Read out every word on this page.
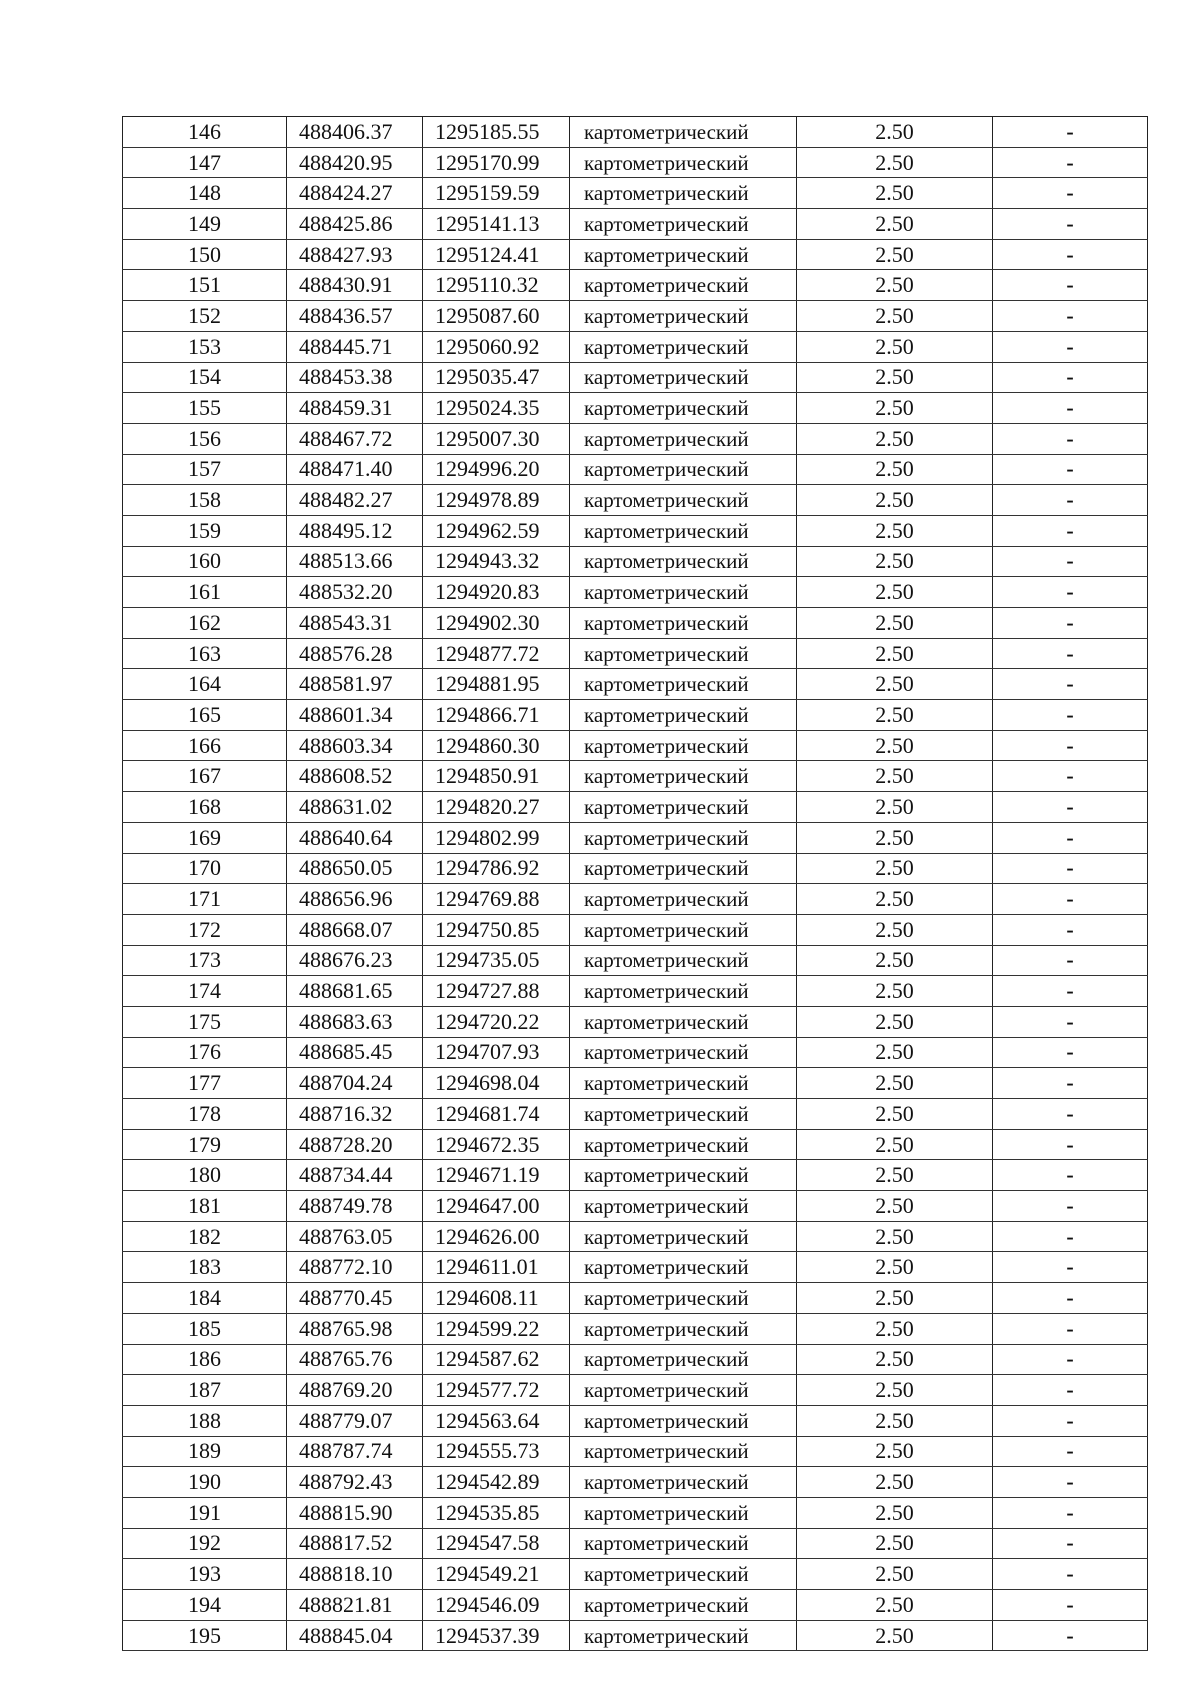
146	488406.37	1295185.55	картометрический	2.50	-
147	488420.95	1295170.99	картометрический	2.50	-
148	488424.27	1295159.59	картометрический	2.50	-
149	488425.86	1295141.13	картометрический	2.50	-
150	488427.93	1295124.41	картометрический	2.50	-
151	488430.91	1295110.32	картометрический	2.50	-
152	488436.57	1295087.60	картометрический	2.50	-
153	488445.71	1295060.92	картометрический	2.50	-
154	488453.38	1295035.47	картометрический	2.50	-
155	488459.31	1295024.35	картометрический	2.50	-
156	488467.72	1295007.30	картометрический	2.50	-
157	488471.40	1294996.20	картометрический	2.50	-
158	488482.27	1294978.89	картометрический	2.50	-
159	488495.12	1294962.59	картометрический	2.50	-
160	488513.66	1294943.32	картометрический	2.50	-
161	488532.20	1294920.83	картометрический	2.50	-
162	488543.31	1294902.30	картометрический	2.50	-
163	488576.28	1294877.72	картометрический	2.50	-
164	488581.97	1294881.95	картометрический	2.50	-
165	488601.34	1294866.71	картометрический	2.50	-
166	488603.34	1294860.30	картометрический	2.50	-
167	488608.52	1294850.91	картометрический	2.50	-
168	488631.02	1294820.27	картометрический	2.50	-
169	488640.64	1294802.99	картометрический	2.50	-
170	488650.05	1294786.92	картометрический	2.50	-
171	488656.96	1294769.88	картометрический	2.50	-
172	488668.07	1294750.85	картометрический	2.50	-
173	488676.23	1294735.05	картометрический	2.50	-
174	488681.65	1294727.88	картометрический	2.50	-
175	488683.63	1294720.22	картометрический	2.50	-
176	488685.45	1294707.93	картометрический	2.50	-
177	488704.24	1294698.04	картометрический	2.50	-
178	488716.32	1294681.74	картометрический	2.50	-
179	488728.20	1294672.35	картометрический	2.50	-
180	488734.44	1294671.19	картометрический	2.50	-
181	488749.78	1294647.00	картометрический	2.50	-
182	488763.05	1294626.00	картометрический	2.50	-
183	488772.10	1294611.01	картометрический	2.50	-
184	488770.45	1294608.11	картометрический	2.50	-
185	488765.98	1294599.22	картометрический	2.50	-
186	488765.76	1294587.62	картометрический	2.50	-
187	488769.20	1294577.72	картометрический	2.50	-
188	488779.07	1294563.64	картометрический	2.50	-
189	488787.74	1294555.73	картометрический	2.50	-
190	488792.43	1294542.89	картометрический	2.50	-
191	488815.90	1294535.85	картометрический	2.50	-
192	488817.52	1294547.58	картометрический	2.50	-
193	488818.10	1294549.21	картометрический	2.50	-
194	488821.81	1294546.09	картометрический	2.50	-
195	488845.04	1294537.39	картометрический	2.50	-
